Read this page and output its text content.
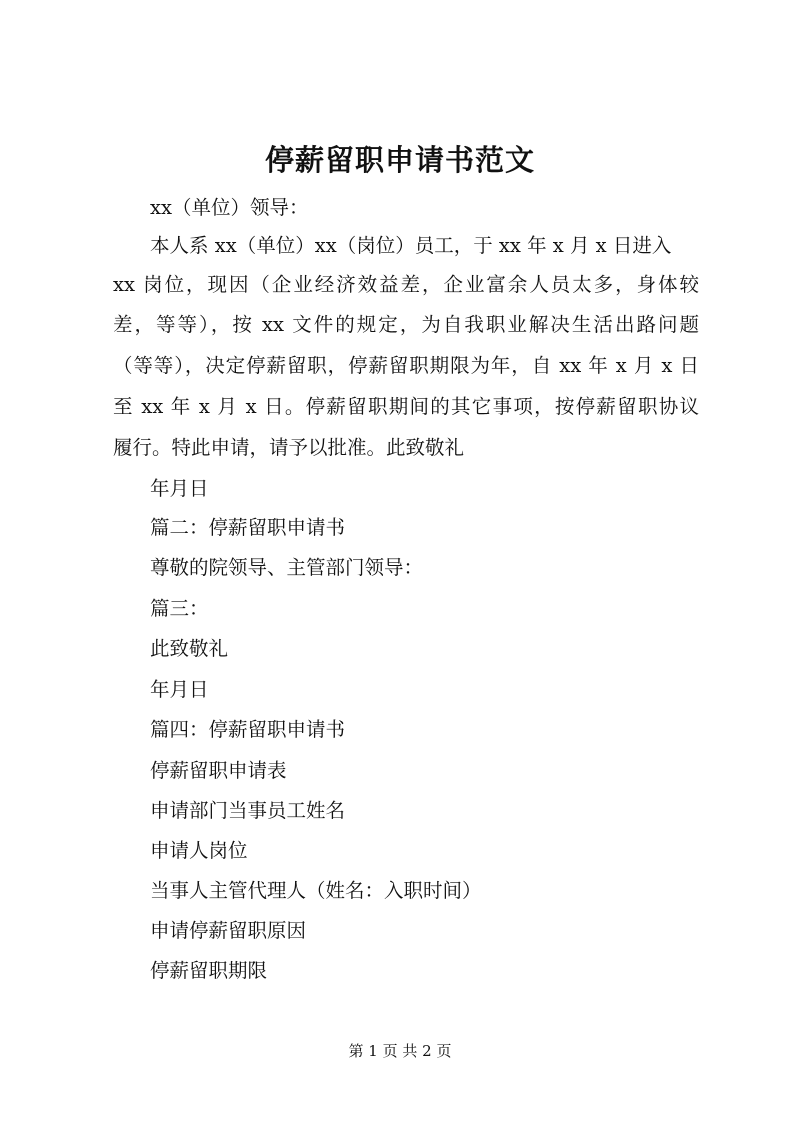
停薪留职申请书范文
xx（单位）领导：
本人系 xx（单位）xx（岗位）员工，于 xx 年 x 月 x 日进入
xx 岗位，现因（企业经济效益差，企业富余人员太多，身体较
差，等等），按 xx 文件的规定，为自我职业解决生活出路问题
（等等），决定停薪留职，停薪留职期限为年，自 xx 年 x 月 x 日
至 xx 年 x 月 x 日。停薪留职期间的其它事项，按停薪留职协议
履行。特此申请，请予以批准。此致敬礼
年月日
篇二：停薪留职申请书
尊敬的院领导、主管部门领导：
篇三：
此致敬礼
年月日
篇四：停薪留职申请书
停薪留职申请表
申请部门当事员工姓名
申请人岗位
当事人主管代理人（姓名：入职时间）
申请停薪留职原因
停薪留职期限
第 1 页 共 2 页
